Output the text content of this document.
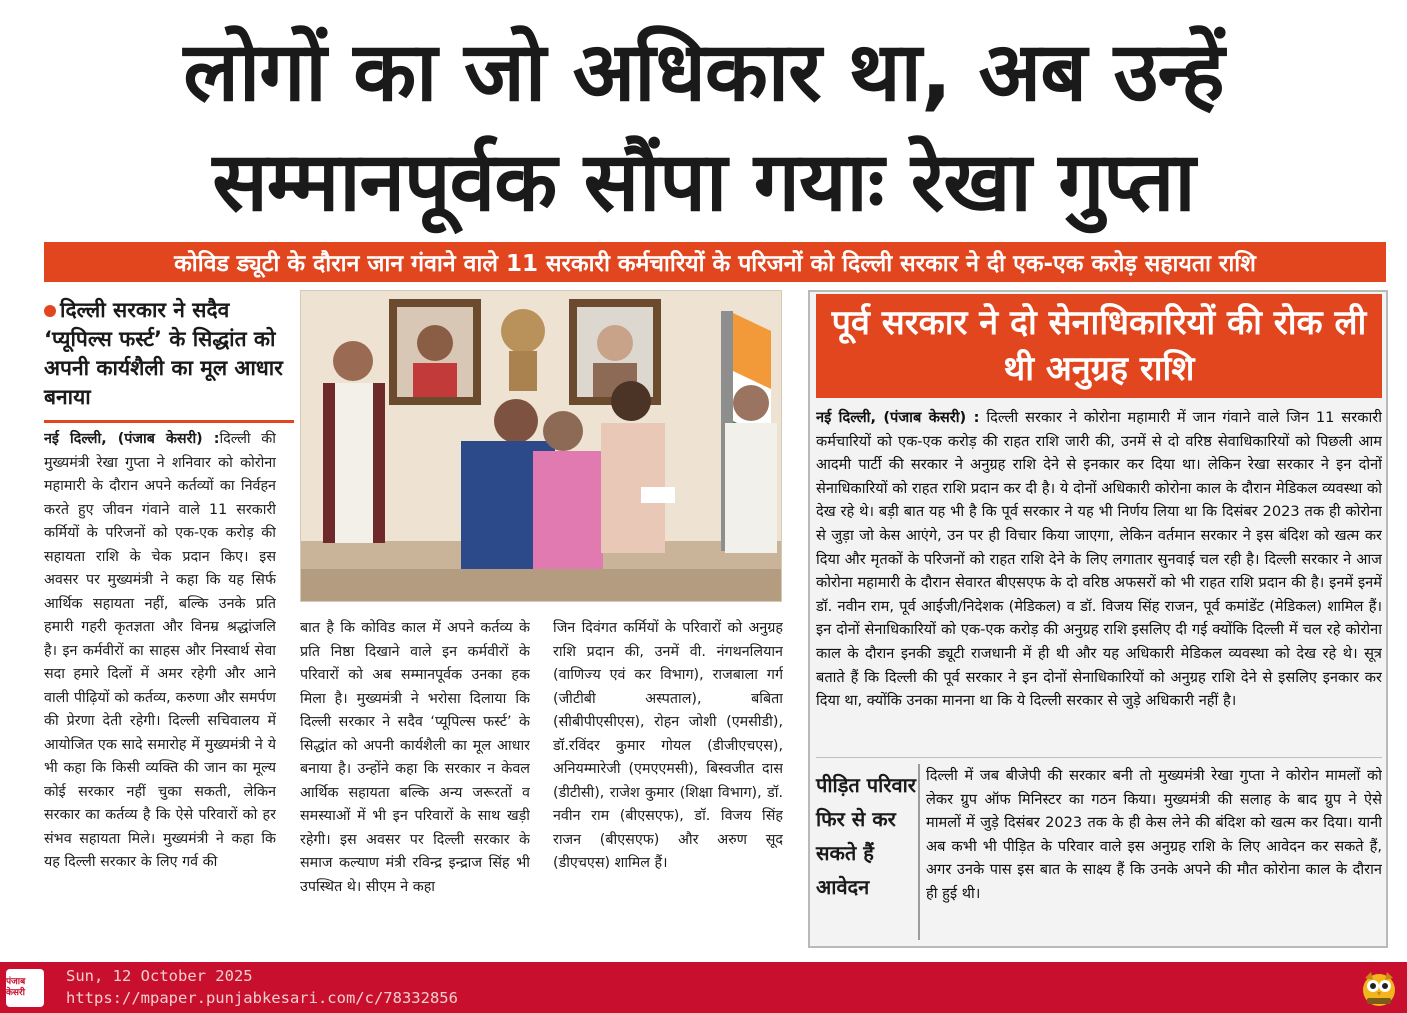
लोगों का जो अधिकार था, अब उन्हें
सम्मानपूर्वक सौंपा गयाः रेखा गुप्ता
कोविड ड्यूटी के दौरान जान गंवाने वाले 11 सरकारी कर्मचारियों के परिजनों को दिल्ली सरकार ने दी एक-एक करोड़ सहायता राशि
दिल्ली सरकार ने सदैव ‘प्यूपिल्स फर्स्ट’ के सिद्धांत को अपनी कार्यशैली का मूल आधार बनाया
नई दिल्ली, (पंजाब केसरी) :दिल्ली की मुख्यमंत्री रेखा गुप्ता ने शनिवार को कोरोना महामारी के दौरान अपने कर्तव्यों का निर्वहन करते हुए जीवन गंवाने वाले 11 सरकारी कर्मियों के परिजनों को एक-एक करोड़ की सहायता राशि के चेक प्रदान किए। इस अवसर पर मुख्यमंत्री ने कहा कि यह सिर्फ आर्थिक सहायता नहीं, बल्कि उनके प्रति हमारी गहरी कृतज्ञता और विनम्र श्रद्धांजलि है। इन कर्मवीरों का साहस और निस्वार्थ सेवा सदा हमारे दिलों में अमर रहेगी और आने वाली पीढ़ियों को कर्तव्य, करुणा और समर्पण की प्रेरणा देती रहेगी। दिल्ली सचिवालय में आयोजित एक सादे समारोह में मुख्यमंत्री ने ये भी कहा कि किसी व्यक्ति की जान का मूल्य कोई सरकार नहीं चुका सकती, लेकिन सरकार का कर्तव्य है कि ऐसे परिवारों को हर संभव सहायता मिले। मुख्यमंत्री ने कहा कि यह दिल्ली सरकार के लिए गर्व की
बात है कि कोविड काल में अपने कर्तव्य के प्रति निष्ठा दिखाने वाले इन कर्मवीरों के परिवारों को अब सम्मानपूर्वक उनका हक मिला है। मुख्यमंत्री ने भरोसा दिलाया कि दिल्ली सरकार ने सदैव ‘प्यूपिल्स फर्स्ट’ के सिद्धांत को अपनी कार्यशैली का मूल आधार बनाया है। उन्होंने कहा कि सरकार न केवल आर्थिक सहायता बल्कि अन्य जरूरतों व समस्याओं में भी इन परिवारों के साथ खड़ी रहेगी। इस अवसर पर दिल्ली सरकार के समाज कल्याण मंत्री रविन्द्र इन्द्राज सिंह भी उपस्थित थे। सीएम ने कहा
जिन दिवंगत कर्मियों के परिवारों को अनुग्रह राशि प्रदान की, उनमें वी. नंगथनलियान (वाणिज्य एवं कर विभाग), राजबाला गर्ग (जीटीबी अस्पताल), बबिता (सीबीपीएसीएस), रोहन जोशी (एमसीडी), डॉ.रविंदर कुमार गोयल (डीजीएचएस), अनियम्मारेजी (एमएएमसी), बिस्वजीत दास (डीटीसी), राजेश कुमार (शिक्षा विभाग), डॉ. नवीन राम (बीएसएफ), डॉ. विजय सिंह राजन (बीएसएफ) और अरुण सूद (डीएचएस) शामिल हैं।
पूर्व सरकार ने दो सेनाधिकारियों की रोक ली थी अनुग्रह राशि
नई दिल्ली, (पंजाब केसरी) : दिल्ली सरकार ने कोरोना महामारी में जान गंवाने वाले जिन 11 सरकारी कर्मचारियों को एक-एक करोड़ की राहत राशि जारी की, उनमें से दो वरिष्ठ सेवाधिकारियों को पिछली आम आदमी पार्टी की सरकार ने अनुग्रह राशि देने से इनकार कर दिया था। लेकिन रेखा सरकार ने इन दोनों सेनाधिकारियों को राहत राशि प्रदान कर दी है। ये दोनों अधिकारी कोरोना काल के दौरान मेडिकल व्यवस्था को देख रहे थे। बड़ी बात यह भी है कि पूर्व सरकार ने यह भी निर्णय लिया था कि दिसंबर 2023 तक ही कोरोना से जुड़ा जो केस आएंगे, उन पर ही विचार किया जाएगा, लेकिन वर्तमान सरकार ने इस बंदिश को खत्म कर दिया और मृतकों के परिजनों को राहत राशि देने के लिए लगातार सुनवाई चल रही है। दिल्ली सरकार ने आज कोरोना महामारी के दौरान सेवारत बीएसएफ के दो वरिष्ठ अफसरों को भी राहत राशि प्रदान की है। इनमें इनमें डॉ. नवीन राम, पूर्व आईजी/निदेशक (मेडिकल) व डॉ. विजय सिंह राजन, पूर्व कमांडेंट (मेडिकल) शामिल हैं। इन दोनों सेनाधिकारियों को एक-एक करोड़ की अनुग्रह राशि इसलिए दी गई क्योंकि दिल्ली में चल रहे कोरोना काल के दौरान इनकी ड्यूटी राजधानी में ही थी और यह अधिकारी मेडिकल व्यवस्था को देख रहे थे। सूत्र बताते हैं कि दिल्ली की पूर्व सरकार ने इन दोनों सेनाधिकारियों को अनुग्रह राशि देने से इसलिए इनकार कर दिया था, क्योंकि उनका मानना था कि ये दिल्ली सरकार से जुड़े अधिकारी नहीं है।
पीड़ित परिवार फिर से कर सकते हैं आवेदन
दिल्ली में जब बीजेपी की सरकार बनी तो मुख्यमंत्री रेखा गुप्ता ने कोरोन मामलों को लेकर ग्रुप ऑफ मिनिस्टर का गठन किया। मुख्यमंत्री की सलाह के बाद ग्रुप ने ऐसे मामलों में जुड़े दिसंबर 2023 तक के ही केस लेने की बंदिश को खत्म कर दिया। यानी अब कभी भी पीड़ित के परिवार वाले इस अनुग्रह राशि के लिए आवेदन कर सकते हैं, अगर उनके पास इस बात के साक्ष्य हैं कि उनके अपने की मौत कोरोना काल के दौरान ही हुई थी।
पंजाब केसरी
Sun, 12 October 2025
https://mpaper.punjabkesari.com/c/78332856
